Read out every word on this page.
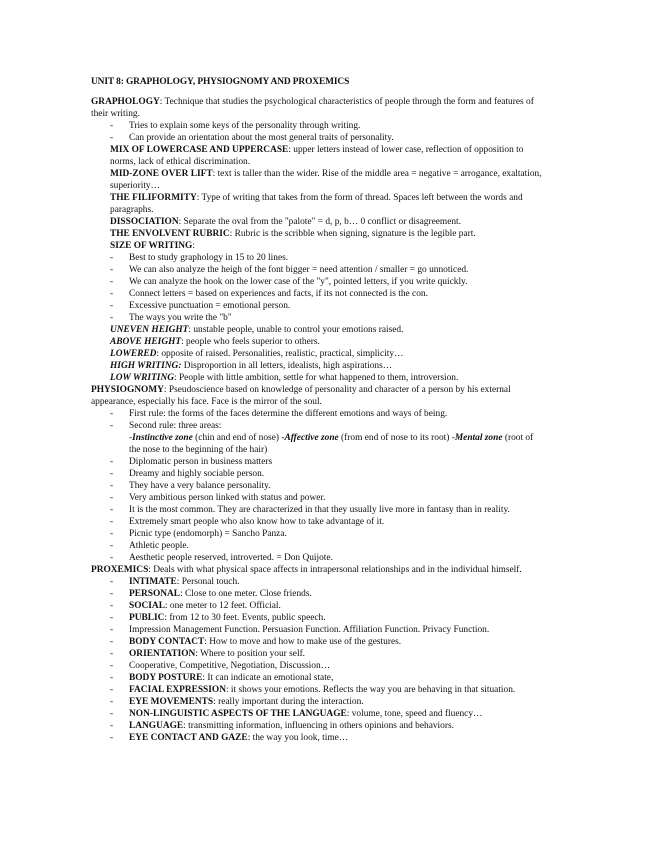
UNIT 8: GRAPHOLOGY, PHYSIOGNOMY AND PROXEMICS
GRAPHOLOGY: Technique that studies the psychological characteristics of people through the form and features of their writing.
-	Tries to explain some keys of the personality through writing.
-	Can provide an orientation about the most general traits of personality.
MIX OF LOWERCASE AND UPPERCASE: upper letters instead of lower case, reflection of opposition to norms, lack of ethical discrimination.
MID-ZONE OVER LIFT: text is taller than the wider. Rise of the middle area = negative = arrogance, exaltation, superiority…
THE FILIFORMITY: Type of writing that takes from the form of thread. Spaces left between the words and paragraphs.
DISSOCIATION: Separate the oval from the "palote" = d, p, b… 0 conflict or disagreement.
THE ENVOLVENT RUBRIC: Rubric is the scribble when signing, signature is the legible part.
SIZE OF WRITING:
-	Best to study graphology in 15 to 20 lines.
-	We can also analyze the heigh of the font bigger = need attention / smaller = go unnoticed.
-	We can analyze the hook on the lower case of the "y", pointed letters, if you write quickly.
-	Connect letters = based on experiences and facts, if its not connected is the con.
-	Excessive punctuation = emotional person.
-	The ways you write the "b"
UNEVEN HEIGHT: unstable people, unable to control your emotions raised.
ABOVE HEIGHT: people who feels superior to others.
LOWERED: opposite of raised. Personalities, realistic, practical, simplicity…
HIGH WRITING: Disproportion in all letters, idealists, high aspirations…
LOW WRITING: People with little ambition, settle for what happened to them, introversion.
PHYSIOGNOMY: Pseudoscience based on knowledge of personality and character of a person by his external appearance, especially his face. Face is the mirror of the soul.
-	First rule: the forms of the faces determine the different emotions and ways of being.
-	Second rule: three areas:
-Instinctive zone (chin and end of nose) -Affective zone (from end of nose to its root) -Mental zone (root of
the nose to the beginning of the hair)
-	Diplomatic person in business matters
-	Dreamy and highly sociable person.
-	They have a very balance personality.
-	Very ambitious person linked with status and power.
-	It is the most common. They are characterized in that they usually live more in fantasy than in reality.
-	Extremely smart people who also know how to take advantage of it.
-	Picnic type (endomorph) = Sancho Panza.
-	Athletic people.
-	Aesthetic people reserved, introverted. = Don Quijote.
PROXEMICS: Deals with what physical space affects in intrapersonal relationships and in the individual himself.
-	INTIMATE: Personal touch.
-	PERSONAL: Close to one meter. Close friends.
-	SOCIAL: one meter to 12 feet. Official.
-	PUBLIC: from 12 to 30 feet. Events, public speech.
-	Impression Management Function. Persuasion Function. Affiliation Function. Privacy Function.
-	BODY CONTACT: How to move and how to make use of the gestures.
-	ORIENTATION: Where to position your self.
-	Cooperative, Competitive, Negotiation, Discussion…
-	BODY POSTURE: It can indicate an emotional state,
-	FACIAL EXPRESSION: it shows your emotions. Reflects the way you are behaving in that situation.
-	EYE MOVEMENTS: really important during the interaction.
-	NON-LINGUISTIC ASPECTS OF THE LANGUAGE: volume, tone, speed and fluency…
-	LANGUAGE: transmitting information, influencing in others opinions and behaviors.
-	EYE CONTACT AND GAZE: the way you look, time…
